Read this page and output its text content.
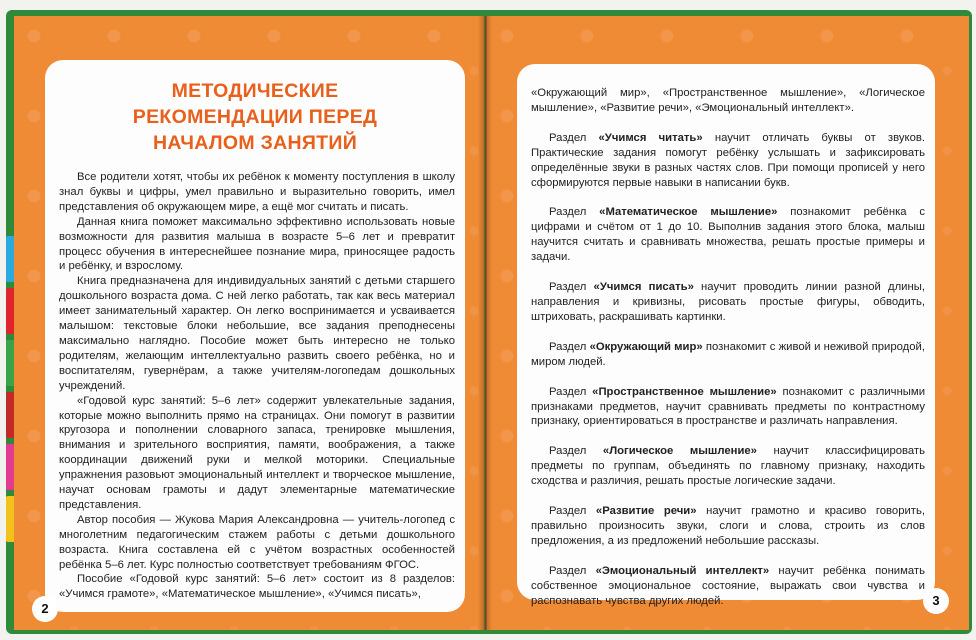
МЕТОДИЧЕСКИЕ
РЕКОМЕНДАЦИИ ПЕРЕД
НАЧАЛОМ ЗАНЯТИЙ

Все родители хотят, чтобы их ребёнок к моменту поступления в школу знал буквы и цифры, умел правильно и выразительно говорить, имел представления об окружающем мире, а ещё мог считать и писать.

Данная книга поможет максимально эффективно использовать новые возможности для развития малыша в возрасте 5–6 лет и превратит процесс обучения в интереснейшее познание мира, приносящее радость и ребёнку, и взрослому.

Книга предназначена для индивидуальных занятий с детьми старшего дошкольного возраста дома. С ней легко работать, так как весь материал имеет занимательный характер. Он легко воспринимается и усваивается малышом: текстовые блоки небольшие, все задания преподнесены максимально наглядно. Пособие может быть интересно не только родителям, желающим интеллектуально развить своего ребёнка, но и воспитателям, гувернёрам, а также учителям-логопедам дошкольных учреждений.

«Годовой курс занятий: 5–6 лет» содержит увлекательные задания, которые можно выполнить прямо на страницах. Они помогут в развитии кругозора и пополнении словарного запаса, тренировке мышления, внимания и зрительного восприятия, памяти, воображения, а также координации движений руки и мелкой моторики. Специальные упражнения разовьют эмоциональный интеллект и творческое мышление, научат основам грамоты и дадут элементарные математические представления.

Автор пособия — Жукова Мария Александровна — учитель-логопед с многолетним педагогическим стажем работы с детьми дошкольного возраста. Книга составлена ей с учётом возрастных особенностей ребёнка 5–6 лет. Курс полностью соответствует требованиям ФГОС.

Пособие «Годовой курс занятий: 5–6 лет» состоит из 8 разделов: «Учимся грамоте», «Математическое мышление», «Учимся писать»,

2

«Окружающий мир», «Пространственное мышление», «Логическое мышление», «Развитие речи», «Эмоциональный интеллект».

Раздел «Учимся читать» научит отличать буквы от звуков. Практические задания помогут ребёнку услышать и зафиксировать определённые звуки в разных частях слов. При помощи прописей у него сформируются первые навыки в написании букв.

Раздел «Математическое мышление» познакомит ребёнка с цифрами и счётом от 1 до 10. Выполнив задания этого блока, малыш научится считать и сравнивать множества, решать простые примеры и задачи.

Раздел «Учимся писать» научит проводить линии разной длины, направления и кривизны, рисовать простые фигуры, обводить, штриховать, раскрашивать картинки.

Раздел «Окружающий мир» познакомит с живой и неживой природой, миром людей.

Раздел «Пространственное мышление» познакомит с различными признаками предметов, научит сравнивать предметы по контрастному признаку, ориентироваться в пространстве и различать направления.

Раздел «Логическое мышление» научит классифицировать предметы по группам, объединять по главному признаку, находить сходства и различия, решать простые логические задачи.

Раздел «Развитие речи» научит грамотно и красиво говорить, правильно произносить звуки, слоги и слова, строить из слов предложения, а из предложений небольшие рассказы.

Раздел «Эмоциональный интеллект» научит ребёнка понимать собственное эмоциональное состояние, выражать свои чувства и распознавать чувства других людей.	3
